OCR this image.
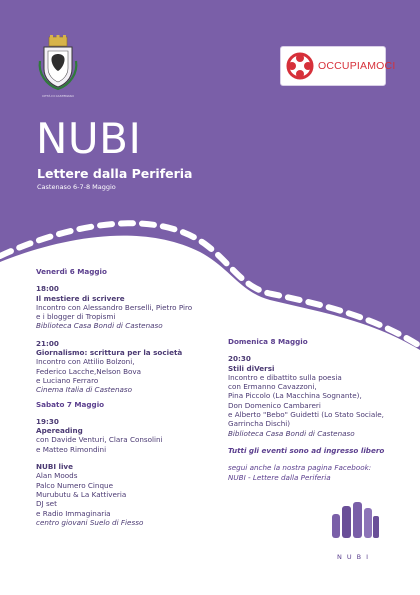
CITTÀ DI CASTENASO
OCCUPIAMOCI
NUBI
Lettere dalla Periferia
Castenaso 6-7-8 Maggio

Venerdì 6 Maggio

18:00

Il mestiere di scrivere

Incontro con Alessandro Berselli, Pietro Piro

e i blogger di Tropismi

Biblioteca Casa Bondi di Castenaso

21:00

Giornalismo: scrittura per la società

Incontro con Attilio Bolzoni,

Federico Lacche,Nelson Bova

e Luciano Ferraro

Cinema Italia di Castenaso

Sabato 7 Maggio

19:30

Apereading

con Davide Venturi, Clara Consolini

e Matteo Rimondini

NUBI live

Alan Moods

Palco Numero Cinque

Murubutu & La Kattiveria

DJ set

e Radio Immaginaria

centro giovani Suelo di Fiesso

Domenica 8 Maggio

20:30

Stili diVersi

Incontro e dibattito sulla poesia

con Ermanno Cavazzoni,

Pina Piccolo (La Macchina Sognante),

Don Domenico Cambareri

e Alberto "Bebo" Guidetti (Lo Stato Sociale,

Garrincha Dischi)

Biblioteca Casa Bondi di Castenaso

Tutti gli eventi sono ad ingresso libero

segui anche la nostra pagina Facebook:

NUBI - Lettere dalla Periferia

NUBI
